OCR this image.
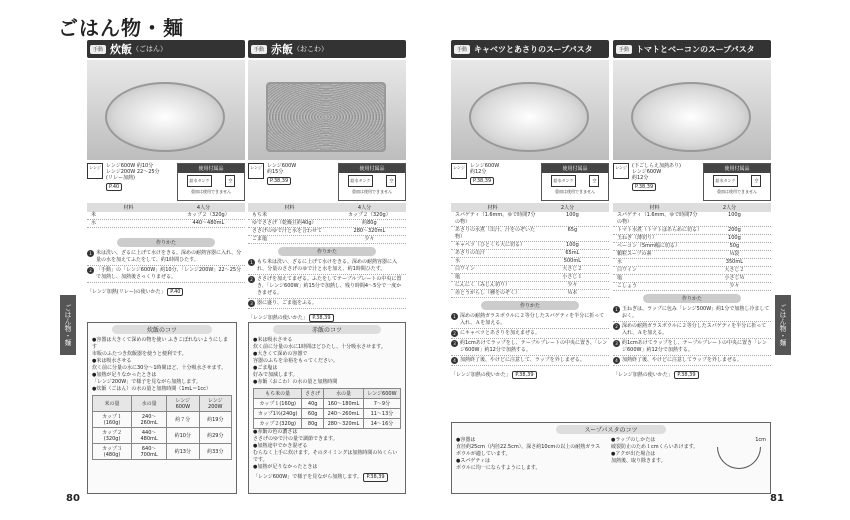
ごはん物・麺
手動 炊飯 （ごはん）
レンジ	レンジ600W 約10分
レンジ200W 22〜25分
(リレー加熱)
P.40
使用付属品
給水タンク	空
重皿は使用できません
材料	4人分
米	カップ２（320g）
水	440〜480mL
作りかた
1 米は洗い、ざるに上げて水けをきる。深めの耐熱容器に入れ、分量の水を加えてふたをして、約1時間ひたす。
2 「手動」の「レンジ600W」約10分、「レンジ200W」22〜25分で加熱し、加熱後さっくりまぜる。
「レンジ加熱(リレー)の使いかた」 P.40
手動 赤飯 （おこわ）
レンジ	レンジ600W
約15分
P.38,39
使用付属品
給水タンク	空
重皿は使用できません
材料	4人分
もち米	カップ２（320g）
ゆでささげ（乾燥豆約40g）	約80g
ささげのゆで汁と水を合わせて	280〜320mL
ごま塩	少々
作りかた
1 もち米は洗い、ざるに上げて水けをきる。深めの耐熱容器に入れ、分量のささげのゆで汁と水を加え、約1時間ひたす。
2 ささげを加えてまぜる。ふたをしてテーブルプレートの中央に置き、「レンジ600W」約15分で加熱し、残り時間4〜5分で一度かきまぜる。
3 器に盛り、ごま塩をふる。
「レンジ加熱の使いかた」 P.38,39
炊飯のコツ
●容器は大きくて深めの物を使い ふきこぼれないようにします
市販のふたつき炊飯器を使うと便利です。
●米は吸水させる
炊く前に分量の水に30分〜1時間ほど、十分吸水させます。
●加熱が足りなかったときは
「レンジ200W」で様子を見ながら加熱します。
●炊飯（ごはん）の水の量と加熱時間（1mL＝1cc）
米の量	水の量	レンジ600W	レンジ200W
カップ１(160g)	240〜260mL	約７分	約19分
カップ２(320g)	440〜480mL	約10分	約29分
カップ３(480g)	640〜700mL	約13分	約33分
赤飯のコツ
●米は吸水させる
炊く前に分量の水に1時間ほどひたし、十分吸水させます。
●大きくて深めの容器で
容器のふちを余裕をもってください。
●ごま塩は
好みで加減します。
●赤飯（おこわ）の水の量と加熱時間
もち米の量	ささげ	水の量	レンジ600W
カップ１(160g)	40g	160〜180mL	7〜9分
カップ1½(240g)	60g	240〜260mL	11〜13分
カップ２(320g)	80g	280〜320mL	14〜16分
●赤飯の色の濃さは
ささげのゆで汁の量で調節できます。
●加熱途中でかき混ぜる
むらなく上手に炊けます。そのタイミングは加熱時間の½くらいです。
●加熱が足りなかったときは
「レンジ600W」で様子を見ながら加熱します。 P.38,39
手動 キャベツとあさりのスープパスタ
レンジ	レンジ600W
約12分
P.38,39
使用付属品
給水タンク	空
重皿は使用できません
材料	2人分
スパゲティ（1.6mm、ゆで時間7分の物）
100g
あさりの水煮（缶汁、汁をのぞいた物）
65g
キャベツ（ひとくち大に切る）	100g
あさりの缶汁	65mL
水	500mL
白ワイン	大さじ２
塩	小さじ１
にんにく（みじん切り）	少々
赤とうがらし（種をのぞく）	½本
作りかた
1 深めの耐熱ガラスボウルに２等分したスパゲティを半分に折って入れ、Ａを加える。
2 にキャベツとあさりを加えまぜる。
3 約1cmあけてラップをし、テーブルプレートの中央に置き、「レンジ600W」約12分で加熱する。
4 加熱終了後、やけどに注意して、ラップを外しまぜる。
「レンジ加熱の使いかた」 P.38,39
手動 トマトとベーコンのスープパスタ
レンジ	(下ごしらえ加熱あり)
レンジ600W
約12分
P.38,39
使用付属品
給水タンク	空
重皿は使用できません
材料	2人分
スパゲティ（1.6mm、ゆで時間7分の物）
100g
トマト水煮（トマトはあらめに切る）	200g
玉ねぎ（薄切り）	100g
ベーコン（5mm幅に切る）	50g
顆粒スープの素	⅓袋
水	350mL
白ワイン	大さじ２
塩	小さじ½
こしょう	少々
作りかた
1 玉ねぎは、ラップに包み「レンジ500W」約1分で加熱し冷ましておく。
2 深めの耐熱ガラスボウルに２等分したスパゲティを半分に折って入れ、Ａを加える。
3 約1cmあけてラップをし、テーブルプレートの中央に置き「レンジ600W」約12分で加熱する。
4 加熱終了後、やけどに注意してラップを外しまぜる。
「レンジ加熱の使いかた」 P.38,39
スープパスタのコツ
●容器は
直径約25cm（内径22.5cm）、深さ約10cmの以上の耐熱ガラスボウルが適しています。
●スパゲティは
ボウルに均一にならすようにします。
●ラップのしかたは
破裂防止のため１cmくらいあけます。
●アクが出た場合は
加熱後、取り除きます。
1cm
ごはん物・麺	ごはん物・麺
80	81
